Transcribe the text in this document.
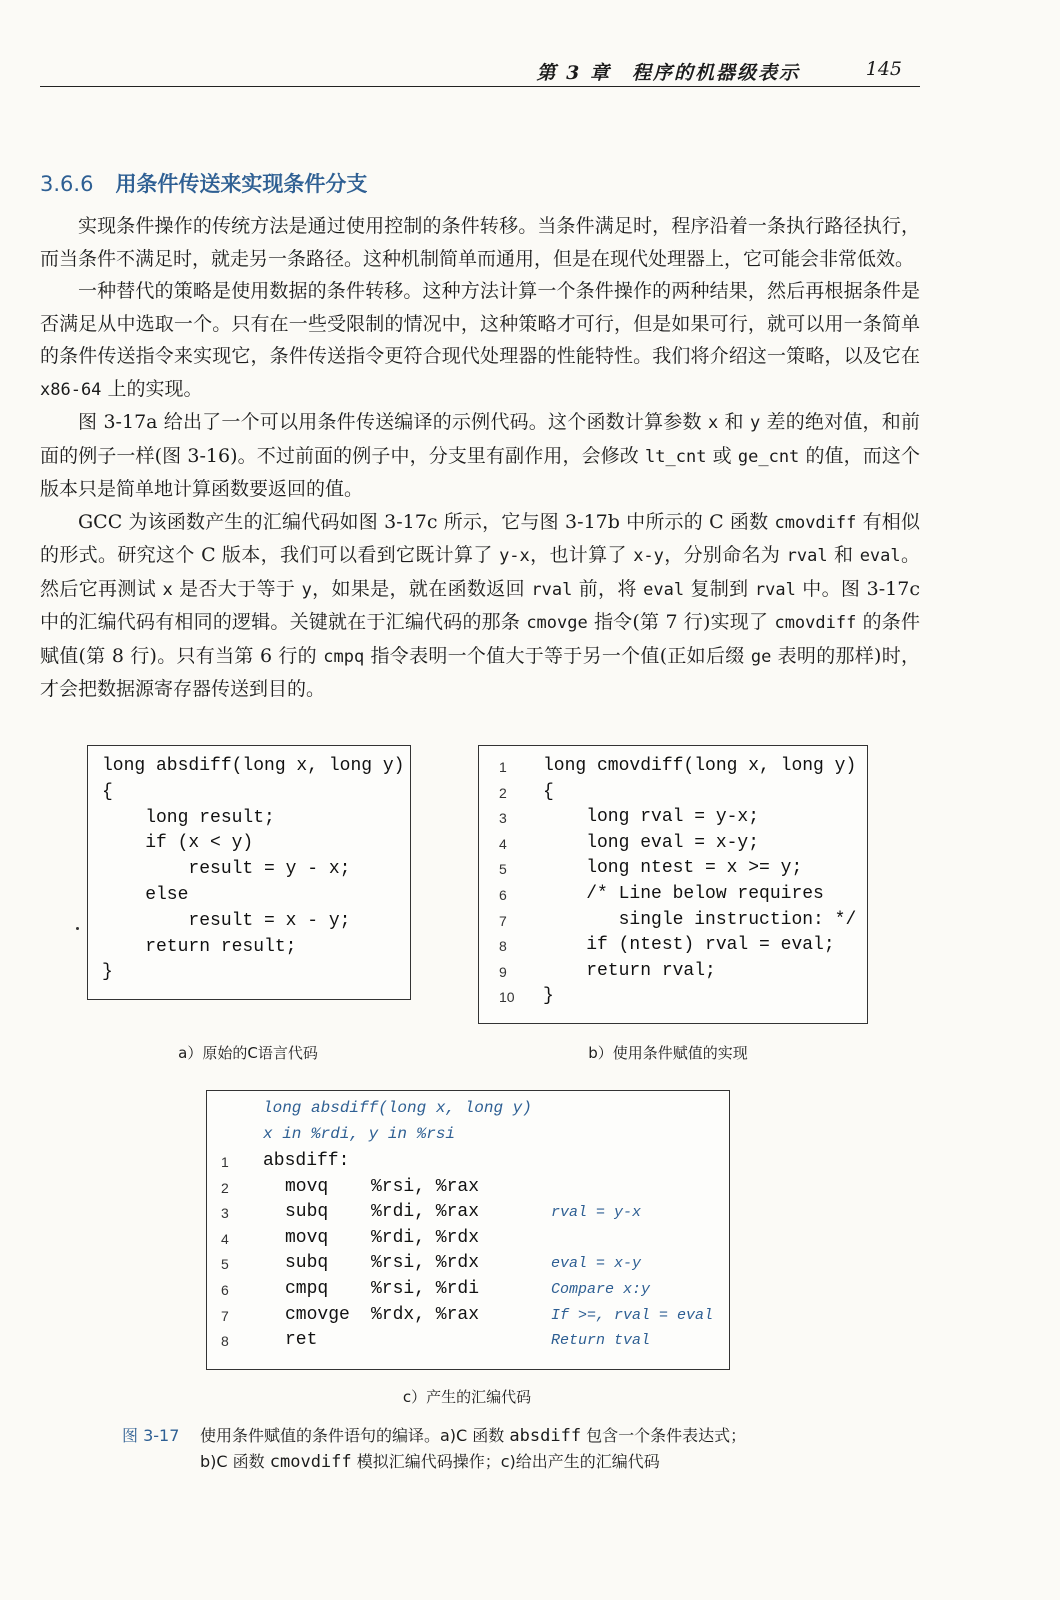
第 3 章　程序的机器级表示	145
3.6.6 用条件传送来实现条件分支

实现条件操作的传统方法是通过使用控制的条件转移。当条件满足时，程序沿着一条执行路径执行，而当条件不满足时，就走另一条路径。这种机制简单而通用，但是在现代处理器上，它可能会非常低效。

一种替代的策略是使用数据的条件转移。这种方法计算一个条件操作的两种结果，然后再根据条件是否满足从中选取一个。只有在一些受限制的情况中，这种策略才可行，但是如果可行，就可以用一条简单的条件传送指令来实现它，条件传送指令更符合现代处理器的性能特性。我们将介绍这一策略，以及它在 x86-64 上的实现。

图 3-17a 给出了一个可以用条件传送编译的示例代码。这个函数计算参数 x 和 y 差的绝对值，和前面的例子一样(图 3-16)。不过前面的例子中，分支里有副作用，会修改 lt_cnt 或 ge_cnt 的值，而这个版本只是简单地计算函数要返回的值。

GCC 为该函数产生的汇编代码如图 3-17c 所示，它与图 3-17b 中所示的 C 函数 cmovdiff 有相似的形式。研究这个 C 版本，我们可以看到它既计算了 y-x，也计算了 x-y，分别命名为 rval 和 eval。然后它再测试 x 是否大于等于 y，如果是，就在函数返回 rval 前，将 eval 复制到 rval 中。图 3-17c 中的汇编代码有相同的逻辑。关键就在于汇编代码的那条 cmovge 指令(第 7 行)实现了 cmovdiff 的条件赋值(第 8 行)。只有当第 6 行的 cmpq 指令表明一个值大于等于另一个值(正如后缀 ge 表明的那样)时，才会把数据源寄存器传送到目的。

long absdiff(long x, long y)
{
long result;
if (x < y)
result = y - x;
else
result = x - y;
return result;
}
1 long cmovdiff(long x, long y)
2 {
3 long rval = y-x;
4 long eval = x-y;
5 long ntest = x >= y;
6 /* Line below requires
7 single instruction: */
8 if (ntest) rval = eval;
9 return rval;
10 }
long absdiff(long x, long y)
x in %rdi, y in %rsi
1 absdiff:
2	movq %rsi, %rax
3	subq %rdi, %rax	rval = y-x
4	movq %rdi, %rdx
5	subq %rsi, %rdx	eval = x-y
6	cmpq %rsi, %rdi	Compare x:y
7	cmovge %rdx, %rax	If >=, rval = eval
8	ret	Return tval
a）原始的C语言代码	b）使用条件赋值的实现
c）产生的汇编代码
图 3-17 使用条件赋值的条件语句的编译。a)C 函数 absdiff 包含一个条件表达式；
b)C 函数 cmovdiff 模拟汇编代码操作；c)给出产生的汇编代码
